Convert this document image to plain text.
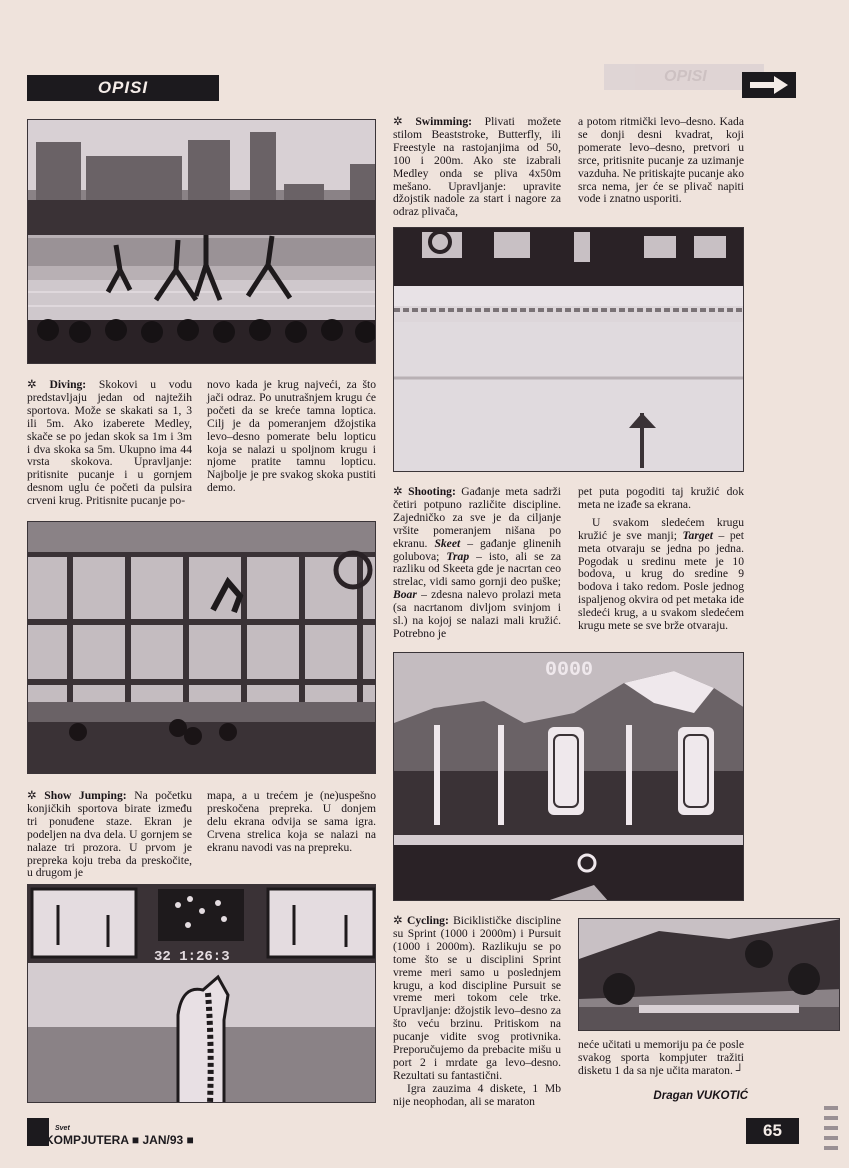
OPISI
OPISI
✲ Diving: Skokovi u vodu predstavljaju jedan od najtežih sportova. Može se skakati sa 1, 3 ili 5m. Ako izaberete Medley, skače se po jedan skok sa 1m i 3m i dva skoka sa 5m. Ukupno ima 44 vrsta skokova. Upravljanje: pritisnite pucanje i u gornjem desnom uglu će početi da pulsira crveni krug. Pritisnite pucanje po-
novo kada je krug najveći, za što jači odraz. Po unutrašnjem krugu će početi da se kreće tamna loptica. Cilj je da pomeranjem džojstika levo–desno pomerate belu lopticu koja se nalazi u spoljnom krugu i njome pratite tamnu lopticu. Najbolje je pre svakog skoka pustiti demo.
✲ Show Jumping: Na početku konjičkih sportova birate između tri ponuđene staze. Ekran je podeljen na dva dela. U gornjem se nalaze tri prozora. U prvom je prepreka koju treba da preskočite, u drugom je
mapa, a u trećem je (ne)uspešno preskočena prepreka. U donjem delu ekrana odvija se sama igra. Crvena strelica koja se nalazi na ekranu navodi vas na prepreku.
32 1:26:3
✲ Swimming: Plivati možete stilom Beaststroke, Butterfly, ili Freestyle na rastojanjima od 50, 100 i 200m. Ako ste izabrali Medley onda se pliva 4x50m mešano. Upravljanje: upravite džojstik nadole za start i nagore za odraz plivača,
a potom ritmički levo–desno. Kada se donji desni kvadrat, koji pomerate levo–desno, pretvori u srce, pritisnite pucanje za uzimanje vazduha. Ne pritiskajte pucanje ako srca nema, jer će se plivač napiti vode i znatno usporiti.
✲ Shooting: Gađanje meta sadrži četiri potpuno različite discipline. Zajedničko za sve je da ciljanje vršite pomeranjem nišana po ekranu. Skeet – gađanje glinenih golubova; Trap – isto, ali se za razliku od Skeeta gde je nacrtan ceo strelac, vidi samo gornji deo puške; Boar – zdesna nalevo prolazi meta (sa nacrtanom divljom svinjom i sl.) na kojoj se nalazi mali kružić. Potrebno je
pet puta pogoditi taj kružić dok meta ne izađe sa ekrana.
U svakom sledećem krugu kružić je sve manji; Target – pet meta otvaraju se jedna po jedna. Pogodak u sredinu mete je 10 bodova, u krug do sredine 9 bodova i tako redom. Posle jednog ispaljenog okvira od pet metaka ide sledeći krug, a u svakom sledećem krugu mete se sve brže otvaraju.
0000
✲ Cycling: Biciklističke discipline su Sprint (1000 i 2000m) i Pursuit (1000 i 2000m). Razlikuju se po tome što se u disciplini Sprint vreme meri samo u poslednjem krugu, a kod discipline Pursuit se vreme meri tokom cele trke. Upravljanje: džojstik levo–desno za što veću brzinu. Pritiskom na pucanje vidite svog protivnika. Preporučujemo da prebacite mišu u port 2 i mrdate ga levo–desno. Rezultati su fantastični.
Igra zauzima 4 diskete, 1 Mb nije neophodan, ali se maraton
neće učitati u memoriju pa će posle svakog sporta kompjuter tražiti disketu 1 da sa nje učita maraton. ┘
Dragan VUKOTIĆ
Svet
KOMPJUTERA ■ JAN/93 ■	65
